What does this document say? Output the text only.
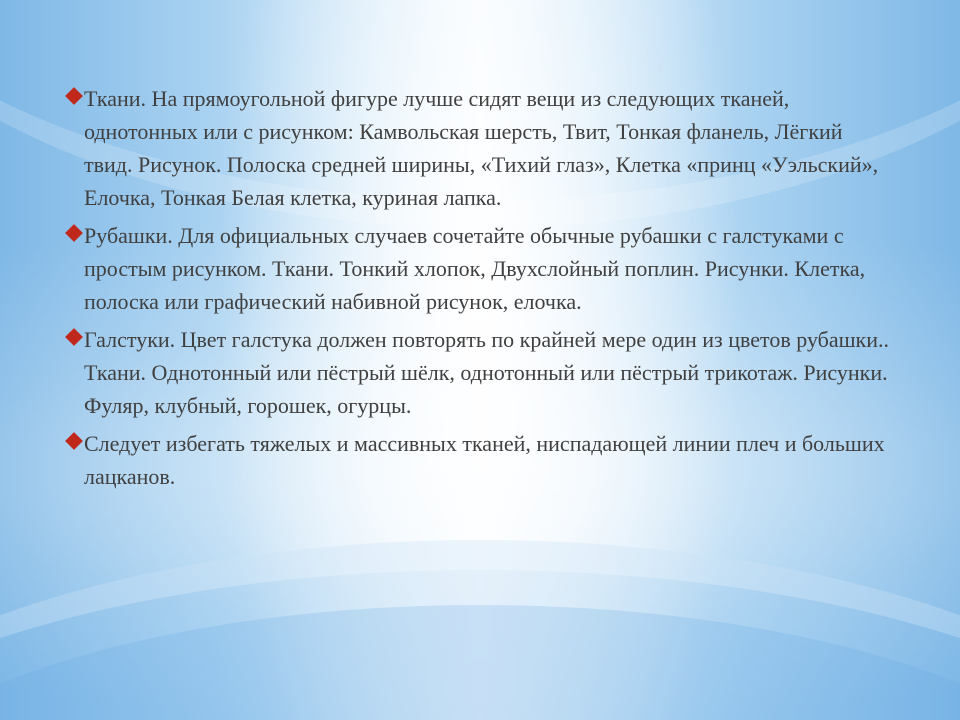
Ткани. На прямоугольной фигуре лучше сидят вещи из следующих тканей, однотонных или с рисунком: Камвольская шерсть, Твит, Тонкая фланель, Лёгкий твид. Рисунок. Полоска средней ширины, «Тихий глаз», Клетка «принц «Уэльский», Елочка, Тонкая Белая клетка, куриная лапка.

Рубашки. Для официальных случаев сочетайте обычные рубашки с галстуками с простым рисунком. Ткани. Тонкий хлопок, Двухслойный поплин. Рисунки. Клетка, полоска или графический набивной рисунок, елочка.

Галстуки. Цвет галстука должен повторять по крайней мере один из цветов рубашки.. Ткани. Однотонный или пёстрый шёлк, однотонный или пёстрый трикотаж. Рисунки. Фуляр, клубный, горошек, огурцы.

Следует избегать тяжелых и массивных тканей, ниспадающей линии плеч и больших лацканов.
